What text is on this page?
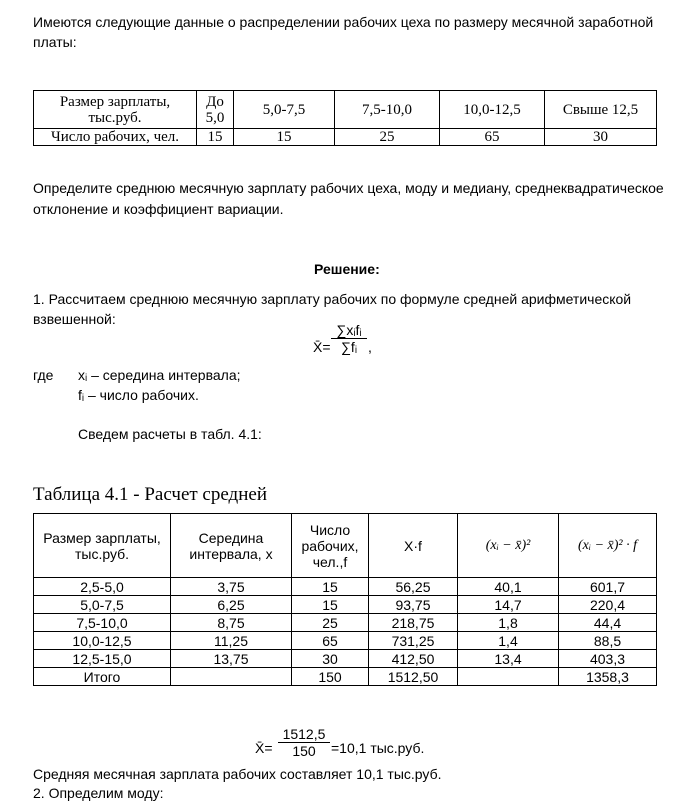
Имеются следующие данные о распределении рабочих цеха по размеру месячной заработной
платы:
Размер зарплаты, тыс.руб.	До 5,0	5,0-7,5	7,5-10,0	10,0-12,5	Свыше 12,5
Число рабочих, чел.	15	15	25	65	30
Определите среднюю месячную зарплату рабочих цеха, моду и медиану, среднеквадратическое
отклонение и коэффициент вариации.
Решение:
1. Рассчитаем среднюю месячную зарплату рабочих по формуле средней арифметической
взвешенной:
X̄=
∑xᵢfᵢ
∑fᵢ ,
где xᵢ – середина интервала;
fᵢ – число рабочих.
Сведем расчеты в табл. 4.1:
Таблица 4.1 - Расчет средней
Размер зарплаты, тыс.руб.	Середина интервала, x	Число рабочих, чел.,f	X·f	(xᵢ − x̄)²	(xᵢ − x̄)² · f
2,5-5,0	3,75	15	56,25	40,1	601,7
5,0-7,5	6,25	15	93,75	14,7	220,4
7,5-10,0	8,75	25	218,75	1,8	44,4
10,0-12,5	11,25	65	731,25	1,4	88,5
12,5-15,0	13,75	30	412,50	13,4	403,3
Итого		150	1512,50		1358,3
X̄=
1512,5
150	=10,1 тыс.руб.
Средняя месячная зарплата рабочих составляет 10,1 тыс.руб.
2. Определим моду:
